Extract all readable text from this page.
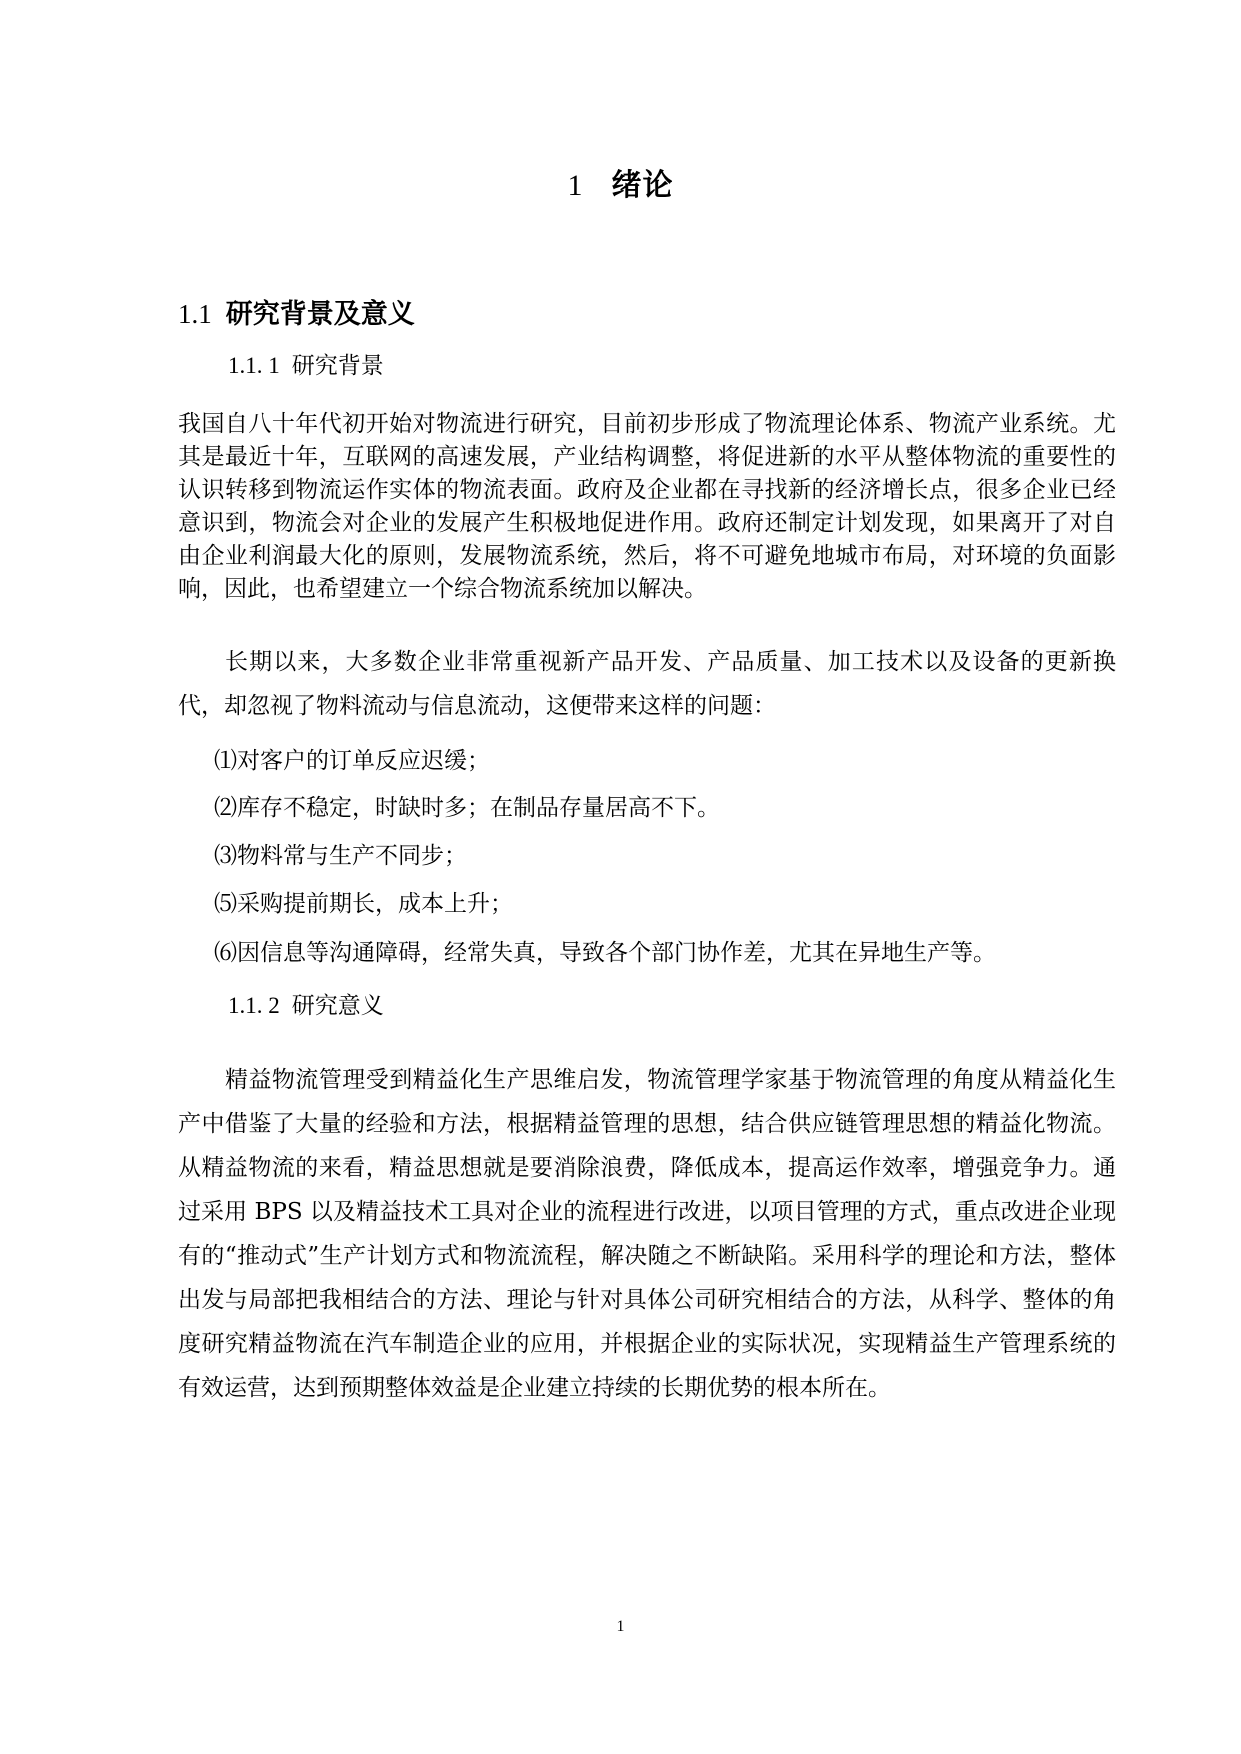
1 绪论
1.1 研究背景及意义
1.1. 1 研究背景

我国自八十年代初开始对物流进行研究，目前初步形成了物流理论体系、物流产业系统。尤其是最近十年，互联网的高速发展，产业结构调整，将促进新的水平从整体物流的重要性的认识转移到物流运作实体的物流表面。政府及企业都在寻找新的经济增长点，很多企业已经意识到，物流会对企业的发展产生积极地促进作用。政府还制定计划发现，如果离开了对自由企业利润最大化的原则，发展物流系统，然后，将不可避免地城市布局，对环境的负面影响，因此，也希望建立一个综合物流系统加以解决。

长期以来，大多数企业非常重视新产品开发、产品质量、加工技术以及设备的更新换代，却忽视了物料流动与信息流动，这便带来这样的问题：

⑴对客户的订单反应迟缓；
⑵库存不稳定，时缺时多；在制品存量居高不下。
⑶物料常与生产不同步；
⑸采购提前期长，成本上升；
⑹因信息等沟通障碍，经常失真，导致各个部门协作差，尤其在异地生产等。
1.1. 2 研究意义

精益物流管理受到精益化生产思维启发，物流管理学家基于物流管理的角度从精益化生产中借鉴了大量的经验和方法，根据精益管理的思想，结合供应链管理思想的精益化物流。从精益物流的来看，精益思想就是要消除浪费，降低成本，提高运作效率，增强竞争力。通过采用 BPS 以及精益技术工具对企业的流程进行改进，以项目管理的方式，重点改进企业现有的“推动式”生产计划方式和物流流程，解决随之不断缺陷。采用科学的理论和方法，整体出发与局部把我相结合的方法、理论与针对具体公司研究相结合的方法，从科学、整体的角度研究精益物流在汽车制造企业的应用，并根据企业的实际状况，实现精益生产管理系统的有效运营，达到预期整体效益是企业建立持续的长期优势的根本所在。

1
